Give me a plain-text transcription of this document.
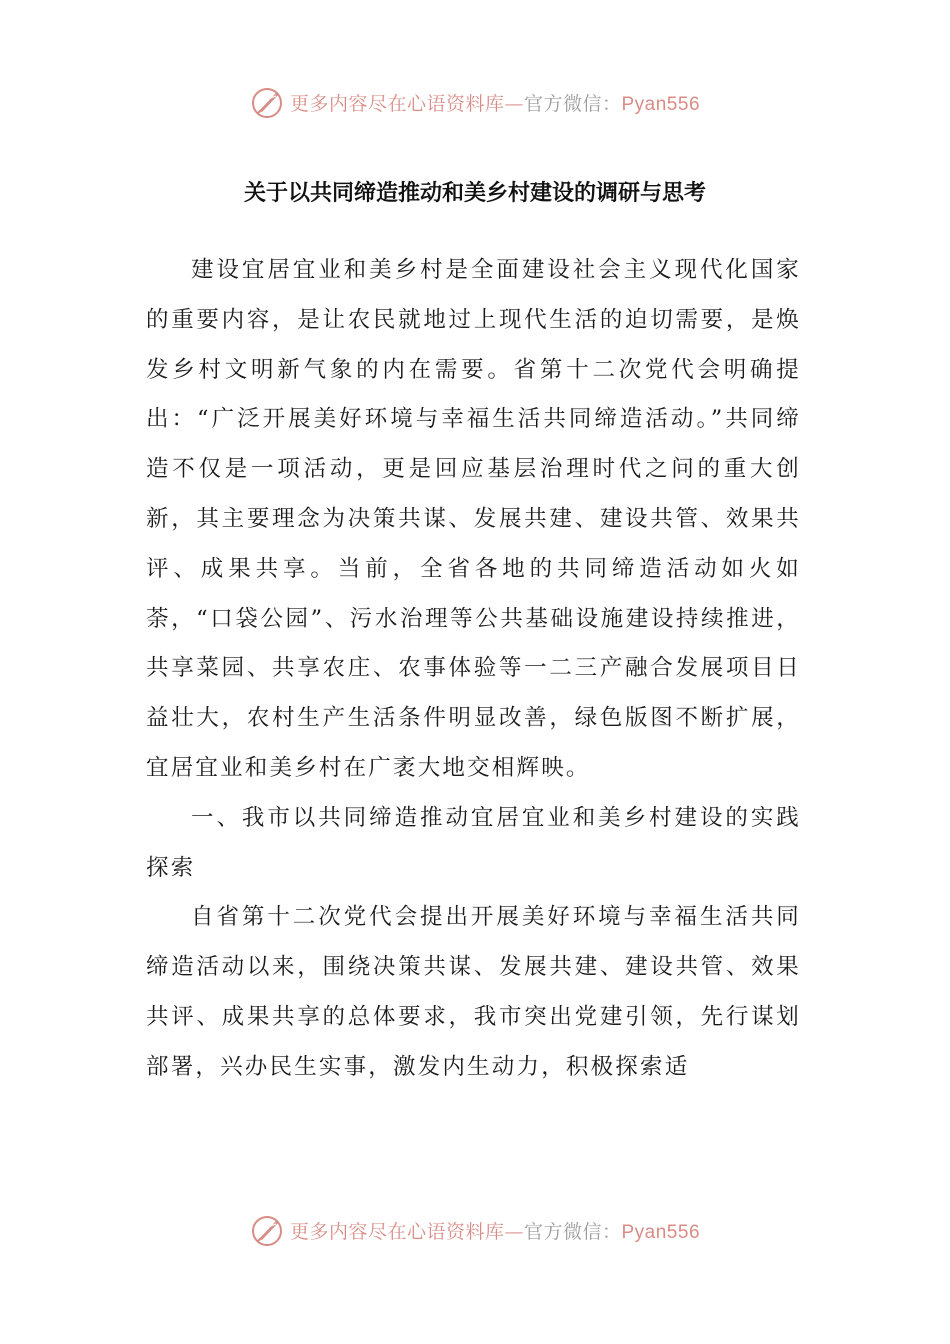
更多内容尽在心语资料库—官方微信：Pyan556
关于以共同缔造推动和美乡村建设的调研与思考

建设宜居宜业和美乡村是全面建设社会主义现代化国家的重要内容，是让农民就地过上现代生活的迫切需要，是焕发乡村文明新气象的内在需要。省第十二次党代会明确提出：“广泛开展美好环境与幸福生活共同缔造活动。”共同缔造不仅是一项活动，更是回应基层治理时代之问的重大创新，其主要理念为决策共谋、发展共建、建设共管、效果共评、成果共享。当前，全省各地的共同缔造活动如火如荼，“口袋公园”、污水治理等公共基础设施建设持续推进，共享菜园、共享农庄、农事体验等一二三产融合发展项目日益壮大，农村生产生活条件明显改善，绿色版图不断扩展，宜居宜业和美乡村在广袤大地交相辉映。

一、我市以共同缔造推动宜居宜业和美乡村建设的实践探索

自省第十二次党代会提出开展美好环境与幸福生活共同缔造活动以来，围绕决策共谋、发展共建、建设共管、效果共评、成果共享的总体要求，我市突出党建引领，先行谋划部署，兴办民生实事，激发内生动力，积极探索适

更多内容尽在心语资料库—官方微信：Pyan556
